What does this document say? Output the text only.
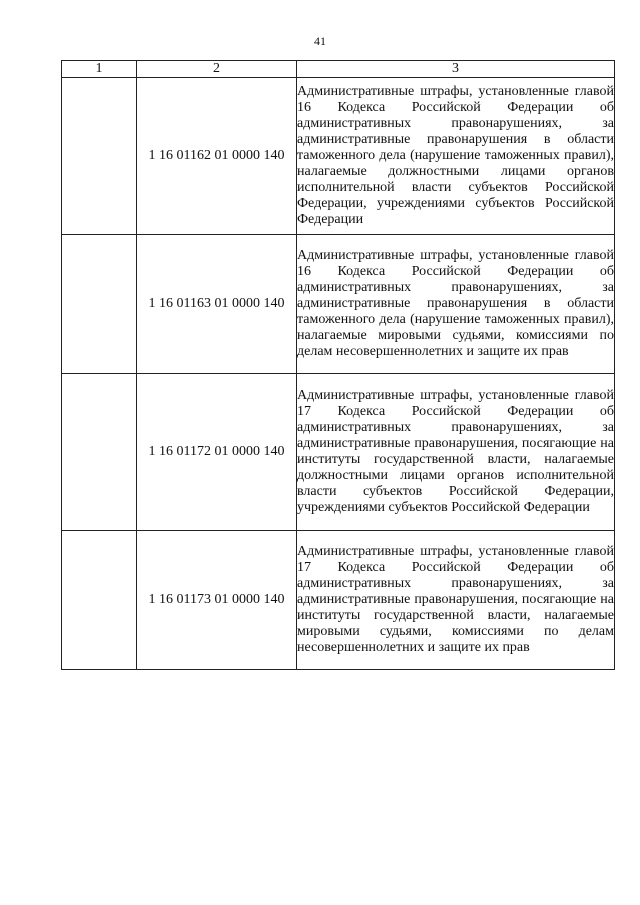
41
1	2	3
	1 16 01162 01 0000 140	Административные штрафы, установленные главой 16 Кодекса Российской Федерации об административных правонарушениях, за административные правонарушения в области таможенного дела (нарушение таможенных правил), налагаемые должностными лицами органов исполнительной власти субъектов Российской Федерации, учреждениями субъектов Российской Федерации
	1 16 01163 01 0000 140	Административные штрафы, установленные главой 16 Кодекса Российской Федерации об административных правонарушениях, за административные правонарушения в области таможенного дела (нарушение таможенных правил), налагаемые мировыми судьями, комиссиями по делам несовершеннолетних и защите их прав
	1 16 01172 01 0000 140	Административные штрафы, установленные главой 17 Кодекса Российской Федерации об административных правонарушениях, за административные правонарушения, посягающие на институты государственной власти, налагаемые должностными лицами органов исполнительной власти субъектов Российской Федерации, учреждениями субъектов Российской Федерации
	1 16 01173 01 0000 140	Административные штрафы, установленные главой 17 Кодекса Российской Федерации об административных правонарушениях, за административные правонарушения, посягающие на институты государственной власти, налагаемые мировыми судьями, комиссиями по делам несовершеннолетних и защите их прав
